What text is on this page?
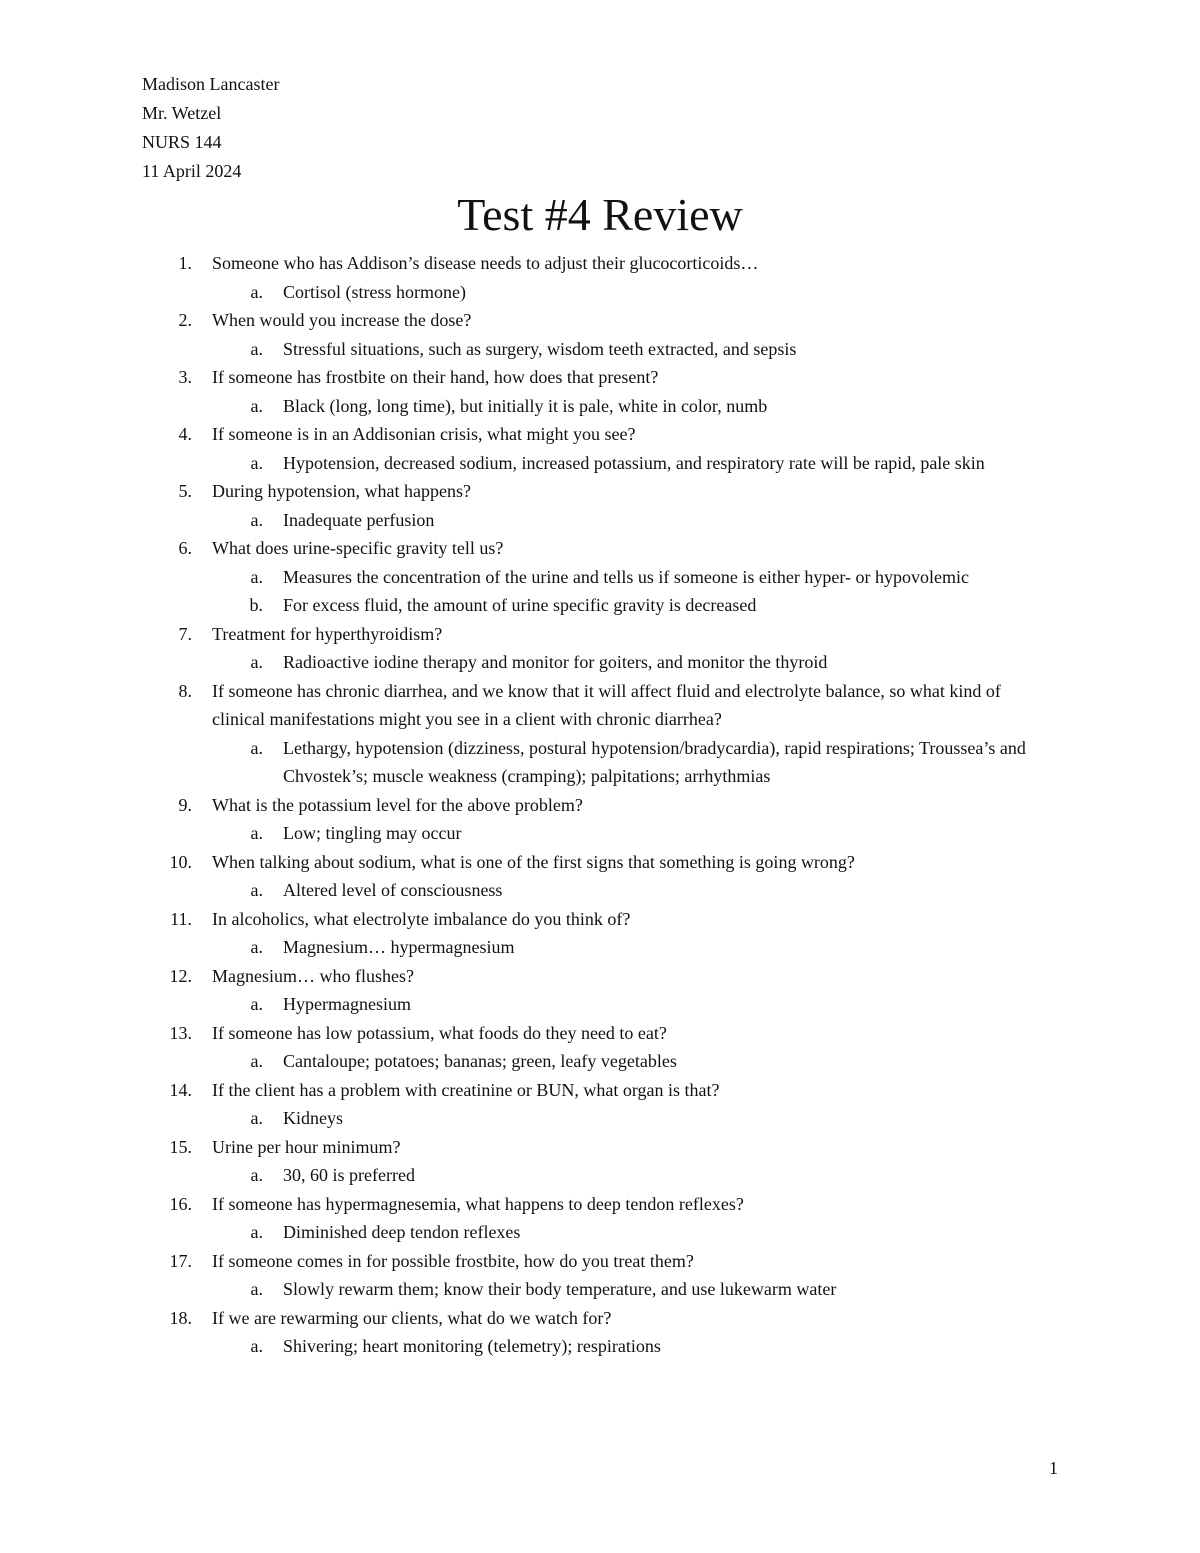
Madison Lancaster
Mr. Wetzel
NURS 144
11 April 2024
Test #4 Review
1. Someone who has Addison’s disease needs to adjust their glucocorticoids…
a. Cortisol (stress hormone)
2. When would you increase the dose?
a. Stressful situations, such as surgery, wisdom teeth extracted, and sepsis
3. If someone has frostbite on their hand, how does that present?
a. Black (long, long time), but initially it is pale, white in color, numb
4. If someone is in an Addisonian crisis, what might you see?
a. Hypotension, decreased sodium, increased potassium, and respiratory rate will be rapid, pale skin
5. During hypotension, what happens?
a. Inadequate perfusion
6. What does urine-specific gravity tell us?
a. Measures the concentration of the urine and tells us if someone is either hyper- or hypovolemic
b. For excess fluid, the amount of urine specific gravity is decreased
7. Treatment for hyperthyroidism?
a. Radioactive iodine therapy and monitor for goiters, and monitor the thyroid
8. If someone has chronic diarrhea, and we know that it will affect fluid and electrolyte balance, so what kind of clinical manifestations might you see in a client with chronic diarrhea?
a. Lethargy, hypotension (dizziness, postural hypotension/bradycardia), rapid respirations; Troussea’s and Chvostek’s; muscle weakness (cramping); palpitations; arrhythmias
9. What is the potassium level for the above problem?
a. Low; tingling may occur
10. When talking about sodium, what is one of the first signs that something is going wrong?
a. Altered level of consciousness
11. In alcoholics, what electrolyte imbalance do you think of?
a. Magnesium… hypermagnesium
12. Magnesium… who flushes?
a. Hypermagnesium
13. If someone has low potassium, what foods do they need to eat?
a. Cantaloupe; potatoes; bananas; green, leafy vegetables
14. If the client has a problem with creatinine or BUN, what organ is that?
a. Kidneys
15. Urine per hour minimum?
a. 30, 60 is preferred
16. If someone has hypermagnesemia, what happens to deep tendon reflexes?
a. Diminished deep tendon reflexes
17. If someone comes in for possible frostbite, how do you treat them?
a. Slowly rewarm them; know their body temperature, and use lukewarm water
18. If we are rewarming our clients, what do we watch for?
a. Shivering; heart monitoring (telemetry); respirations
1
